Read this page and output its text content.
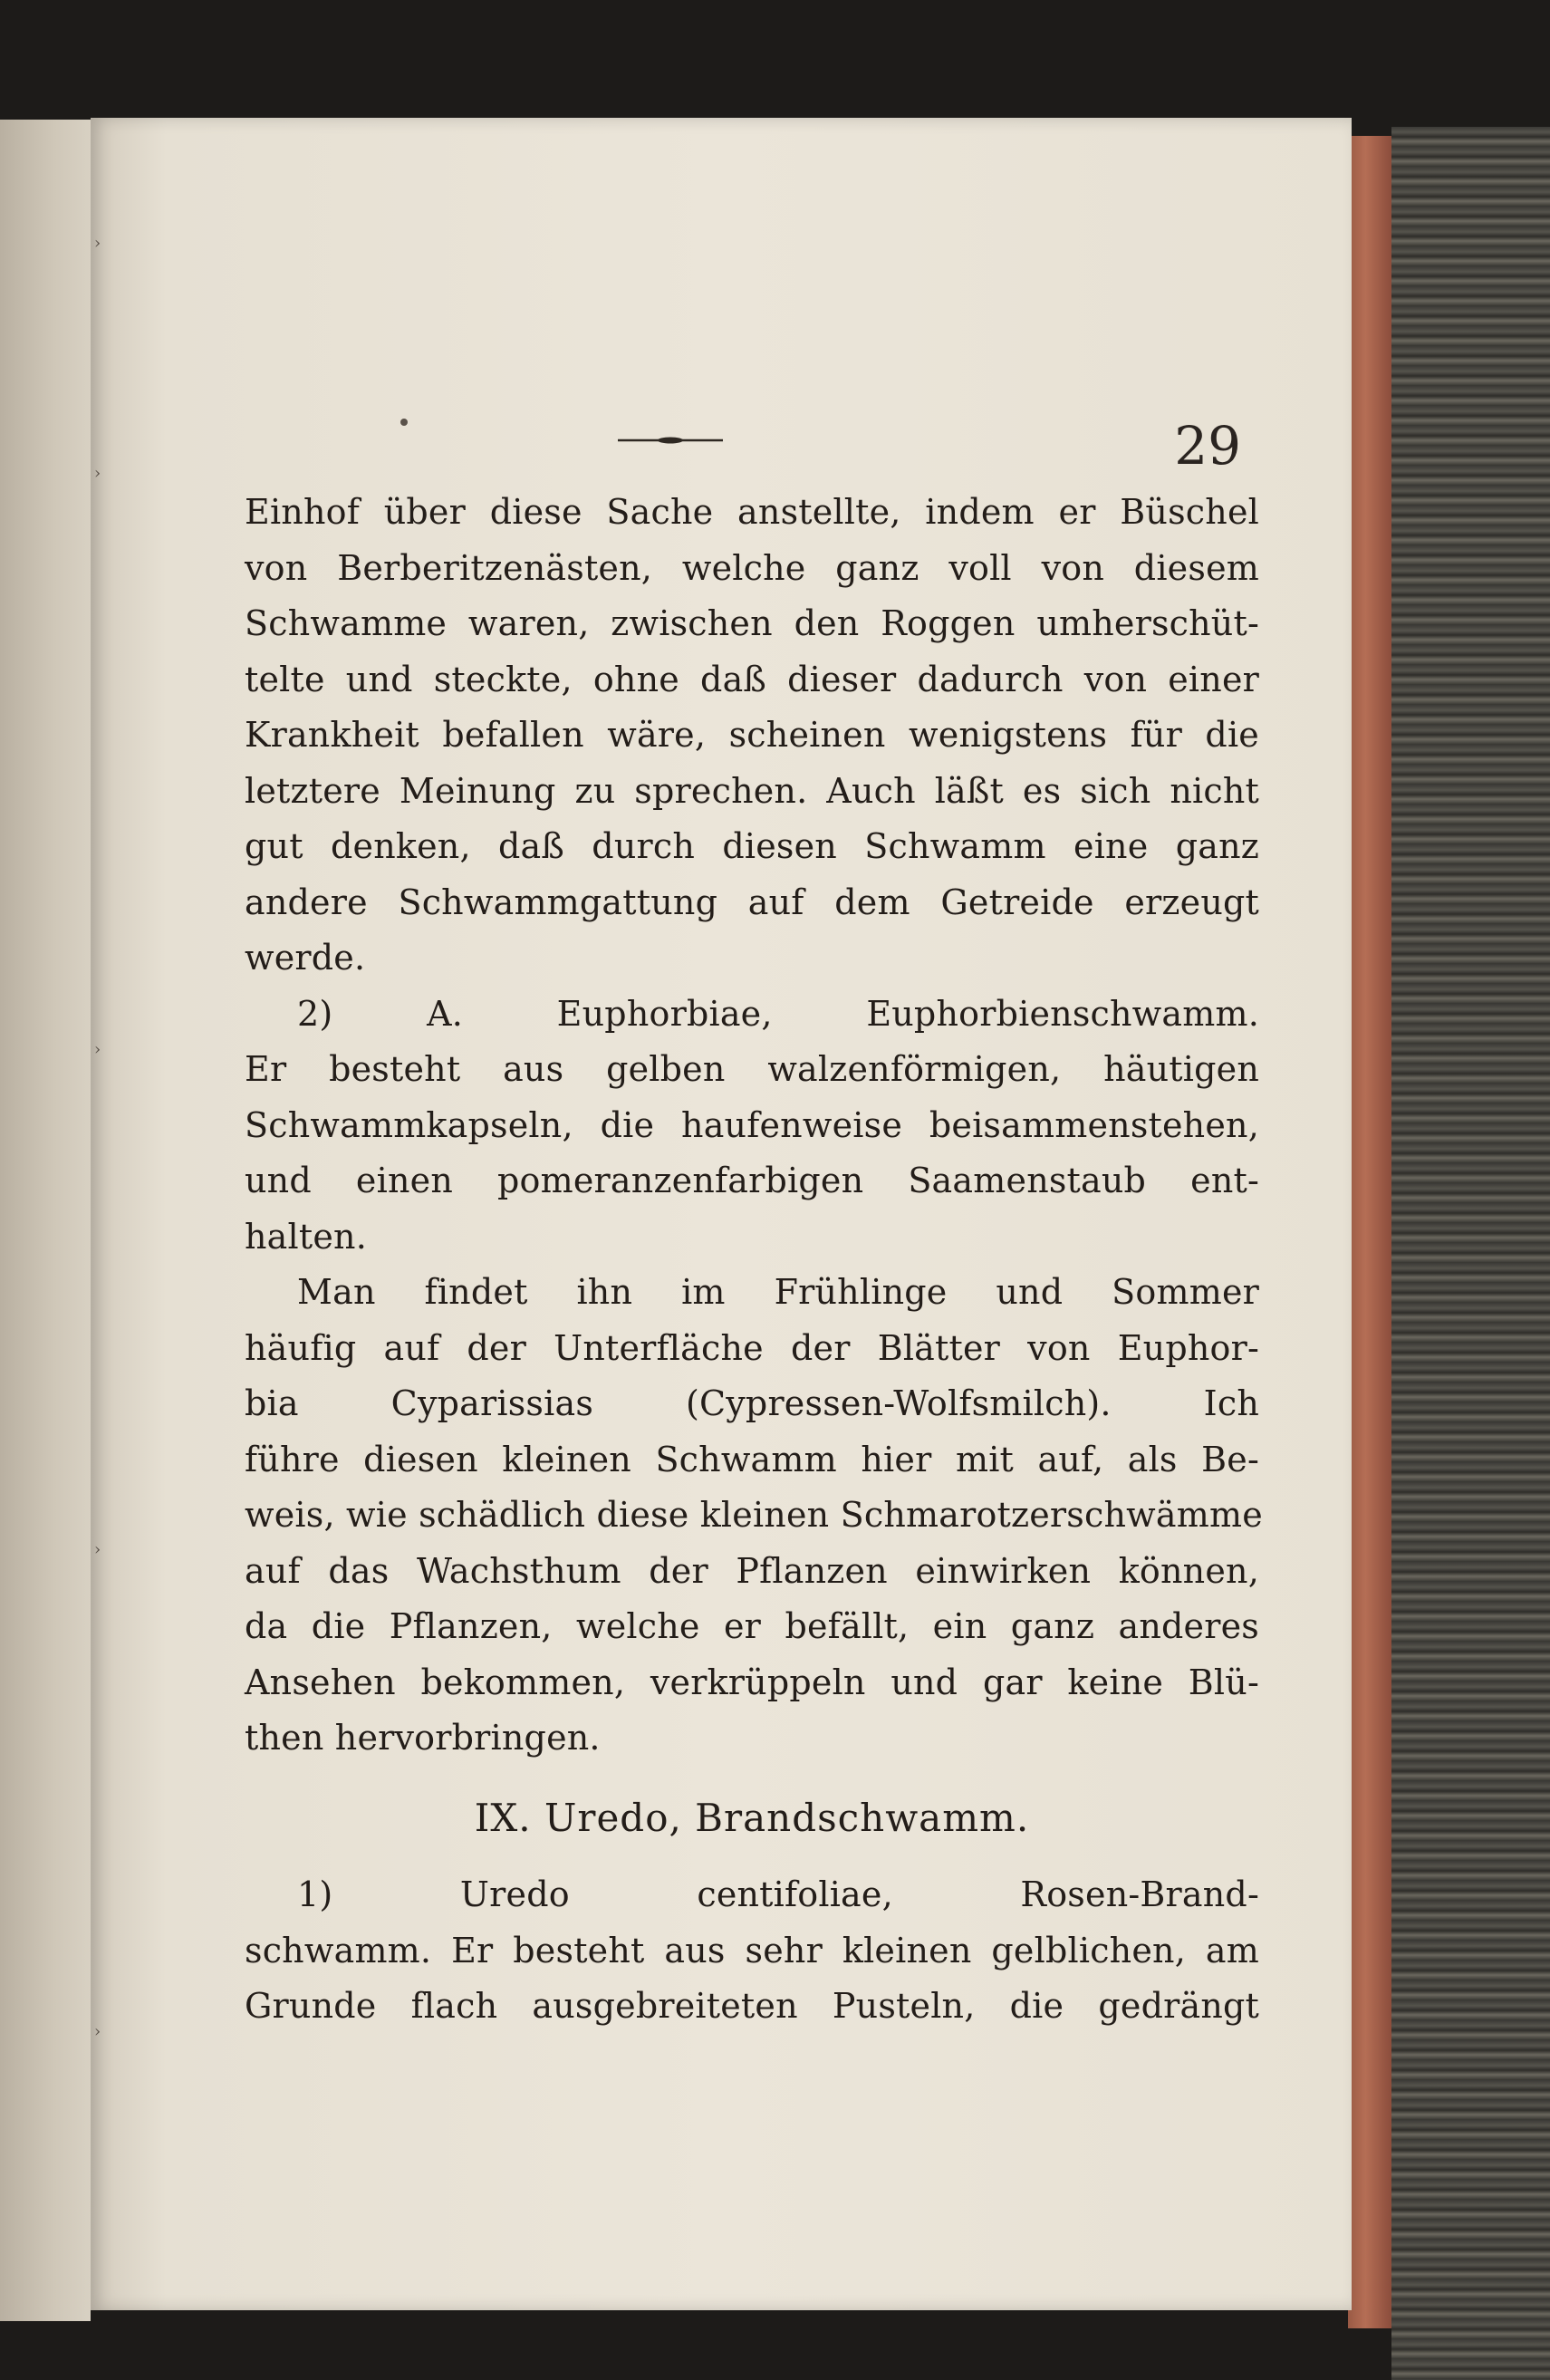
29
Einhof über diese Sache anstellte, indem er Büschel
von Berberitzenästen, welche ganz voll von diesem
Schwamme waren, zwischen den Roggen umherschüt-
telte und steckte, ohne daß dieser dadurch von einer
Krankheit befallen wäre, scheinen wenigstens für die
letztere Meinung zu sprechen. Auch läßt es sich nicht
gut denken, daß durch diesen Schwamm eine ganz
andere Schwammgattung auf dem Getreide erzeugt
werde.
2) A. Euphorbiae, Euphorbienschwamm.
Er besteht aus gelben walzenförmigen, häutigen
Schwammkapseln, die haufenweise beisammenstehen,
und einen pomeranzenfarbigen Saamenstaub ent-
halten.
Man findet ihn im Frühlinge und Sommer
häufig auf der Unterfläche der Blätter von Euphor-
bia Cyparissias (Cypressen-Wolfsmilch). Ich
führe diesen kleinen Schwamm hier mit auf, als Be-
weis, wie schädlich diese kleinen Schmarotzerschwämme
auf das Wachsthum der Pflanzen einwirken können,
da die Pflanzen, welche er befällt, ein ganz anderes
Ansehen bekommen, verkrüppeln und gar keine Blü-
then hervorbringen.
IX. Uredo, Brandschwamm.
1) Uredo centifoliae, Rosen-Brand-
schwamm. Er besteht aus sehr kleinen gelblichen, am
Grunde flach ausgebreiteten Pusteln, die gedrängt
